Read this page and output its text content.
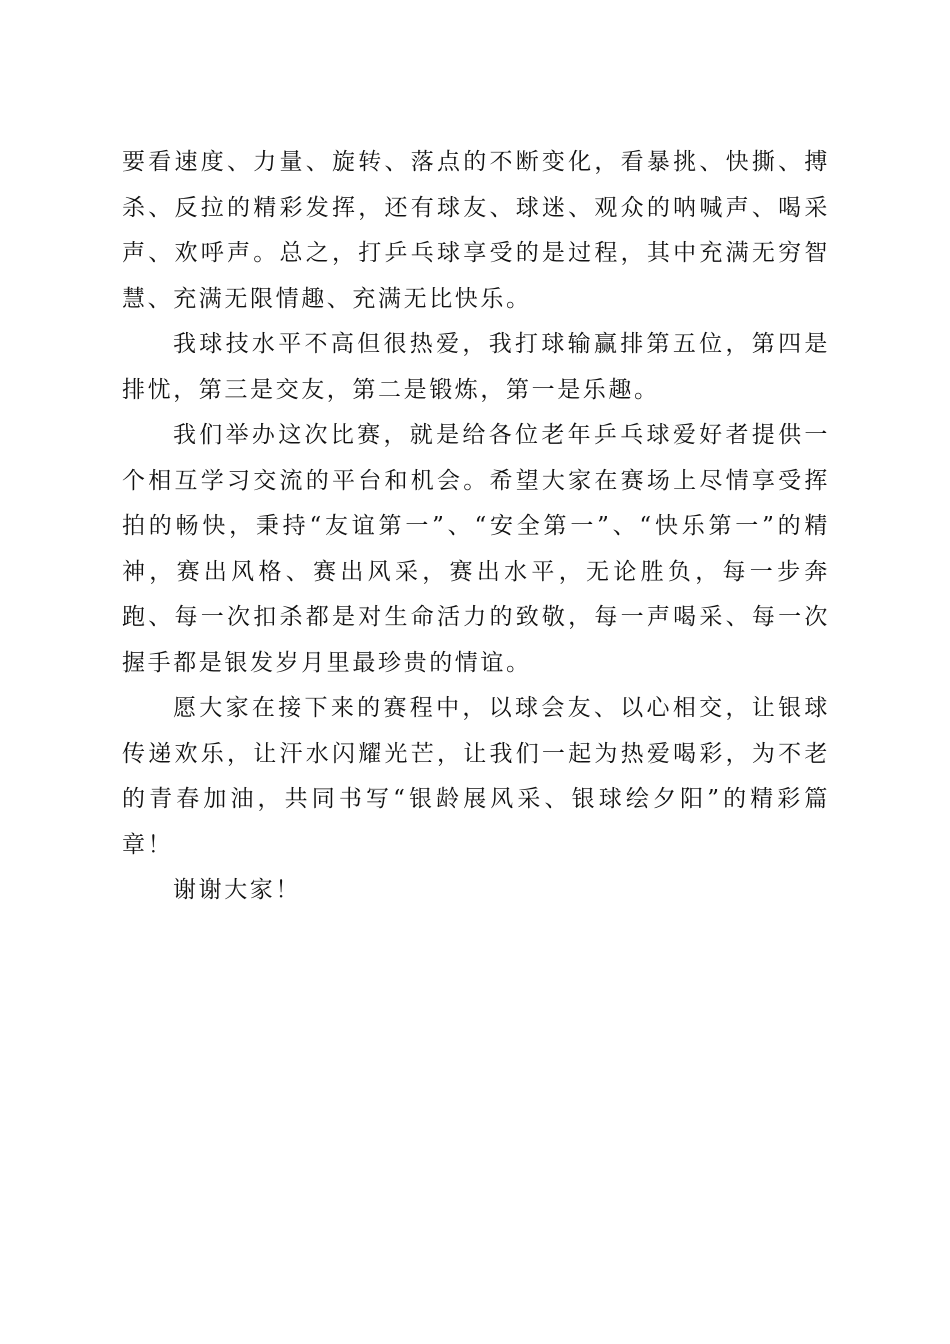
要看速度、力量、旋转、落点的不断变化，看暴挑、快撕、搏杀、反拉的精彩发挥，还有球友、球迷、观众的呐喊声、喝采声、欢呼声。总之，打乒乓球享受的是过程，其中充满无穷智慧、充满无限情趣、充满无比快乐。

我球技水平不高但很热爱，我打球输赢排第五位，第四是排忧，第三是交友，第二是锻炼，第一是乐趣。

我们举办这次比赛，就是给各位老年乒乓球爱好者提供一个相互学习交流的平台和机会。希望大家在赛场上尽情享受挥拍的畅快，秉持“友谊第一”、“安全第一”、“快乐第一”的精神，赛出风格、赛出风采，赛出水平，无论胜负，每一步奔跑、每一次扣杀都是对生命活力的致敬，每一声喝采、每一次握手都是银发岁月里最珍贵的情谊。

愿大家在接下来的赛程中，以球会友、以心相交，让银球传递欢乐，让汗水闪耀光芒，让我们一起为热爱喝彩，为不老的青春加油，共同书写“银龄展风采、银球绘夕阳”的精彩篇章！

谢谢大家！
